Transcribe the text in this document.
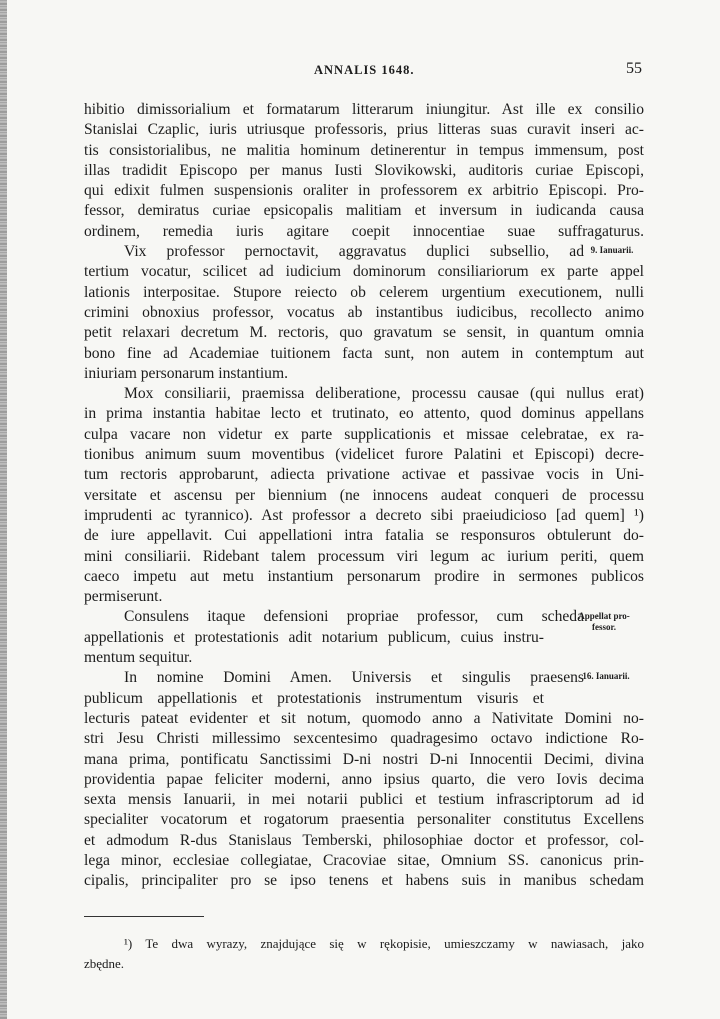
ANNALIS 1648.	55
hibitio dimissorialium et formatarum litterarum iniungitur. Ast ille ex consilio
Stanislai Czaplic, iuris utriusque professoris, prius litteras suas curavit inseri ac-
tis consistorialibus, ne malitia hominum detinerentur in tempus immensum, post
illas tradidit Episcopo per manus Iusti Slovikowski, auditoris curiae Episcopi,
qui edixit fulmen suspensionis oraliter in professorem ex arbitrio Episcopi. Pro-
fessor, demiratus curiae epsicopalis malitiam et inversum in iudicanda causa
ordinem, remedia iuris agitare coepit innocentiae suae suffragaturus.
Vix professor pernoctavit, aggravatus duplici subsellio, ad
tertium vocatur, scilicet ad iudicium dominorum consiliariorum ex parte appel
lationis interpositae. Stupore reiecto ob celerem urgentium executionem, nulli
crimini obnoxius professor, vocatus ab instantibus iudicibus, recollecto animo
petit relaxari decretum M. rectoris, quo gravatum se sensit, in quantum omnia
bono fine ad Academiae tuitionem facta sunt, non autem in contemptum aut
iniuriam personarum instantium.
Mox consiliarii, praemissa deliberatione, processu causae (qui nullus erat)
in prima instantia habitae lecto et trutinato, eo attento, quod dominus appellans
culpa vacare non videtur ex parte supplicationis et missae celebratae, ex ra-
tionibus animum suum moventibus (videlicet furore Palatini et Episcopi) decre-
tum rectoris approbarunt, adiecta privatione activae et passivae vocis in Uni-
versitate et ascensu per biennium (ne innocens audeat conqueri de processu
imprudenti ac tyrannico). Ast professor a decreto sibi praeiudicioso [ad quem] ¹)
de iure appellavit. Cui appellationi intra fatalia se responsuros obtulerunt do-
mini consiliarii. Ridebant talem processum viri legum ac iurium periti, quem
caeco impetu aut metu instantium personarum prodire in sermones publicos
permiserunt.
Consulens itaque defensioni propriae professor, cum scheda
appellationis et protestationis adit notarium publicum, cuius instru-
mentum sequitur.
In nomine Domini Amen. Universis et singulis praesens
publicum appellationis et protestationis instrumentum visuris et
lecturis pateat evidenter et sit notum, quomodo anno a Nativitate Domini no-
stri Jesu Christi millessimo sexcentesimo quadragesimo octavo indictione Ro-
mana prima, pontificatu Sanctissimi D-ni nostri D-ni Innocentii Decimi, divina
providentia papae feliciter moderni, anno ipsius quarto, die vero Iovis decima
sexta mensis Ianuarii, in mei notarii publici et testium infrascriptorum ad id
specialiter vocatorum et rogatorum praesentia personaliter constitutus Excellens
et admodum R-dus Stanislaus Temberski, philosophiae doctor et professor, col-
lega minor, ecclesiae collegiatae, Cracoviae sitae, Omnium SS. canonicus prin-
cipalis, principaliter pro se ipso tenens et habens suis in manibus schedam
9. Ianuarii.
Appellat pro-
fessor.
16. Ianuarii.
¹) Te dwa wyrazy, znajdujące się w rękopisie, umieszczamy w nawiasach, jako
zbędne.
